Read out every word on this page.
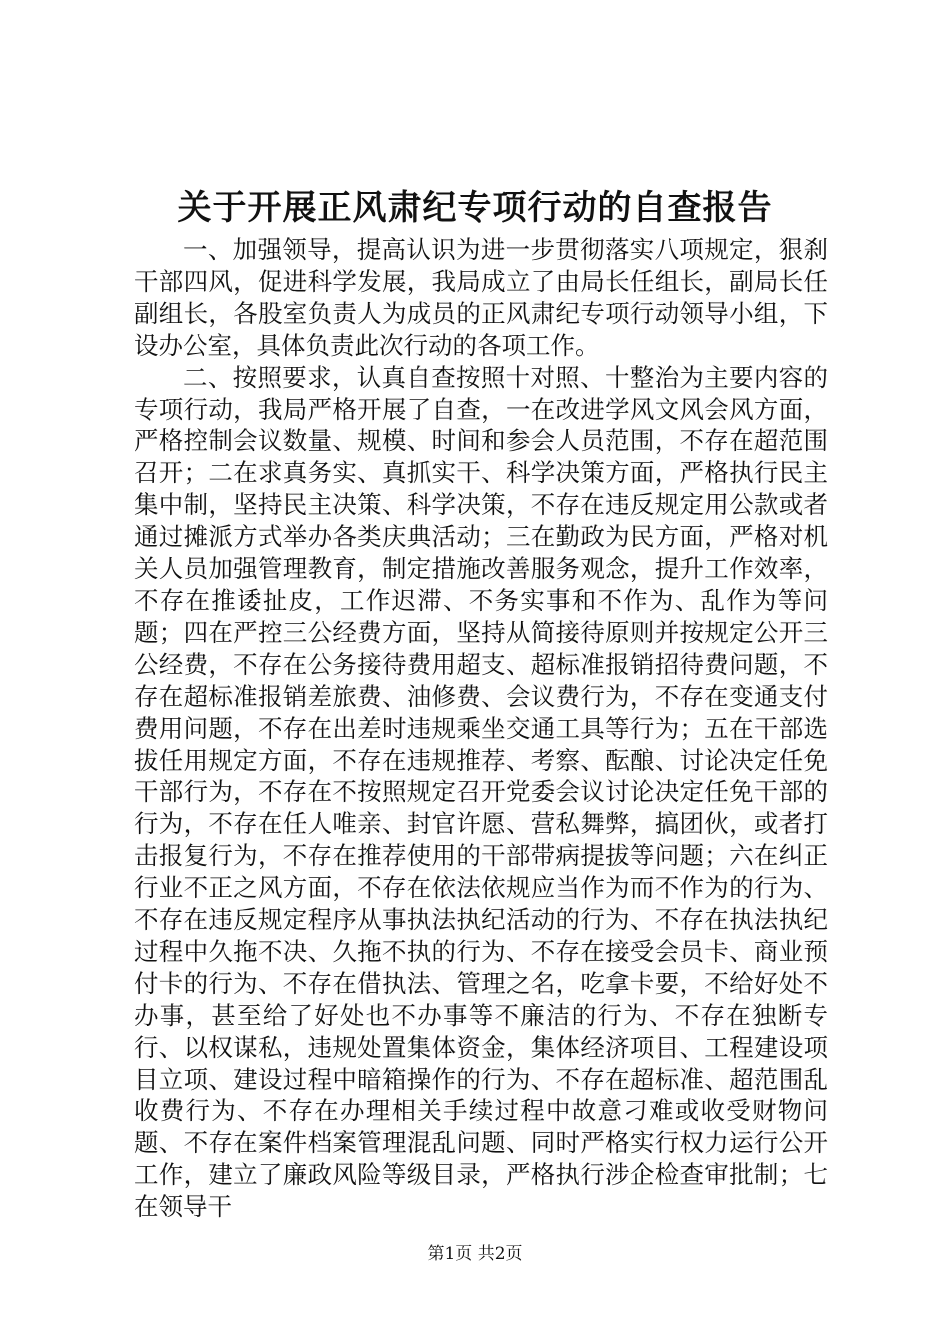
关于开展正风肃纪专项行动的自查报告

一、加强领导，提高认识为进一步贯彻落实八项规定，狠刹干部四风，促进科学发展，我局成立了由局长任组长，副局长任副组长，各股室负责人为成员的正风肃纪专项行动领导小组，下设办公室，具体负责此次行动的各项工作。

二、按照要求，认真自查按照十对照、十整治为主要内容的专项行动，我局严格开展了自查，一在改进学风文风会风方面，严格控制会议数量、规模、时间和参会人员范围，不存在超范围召开；二在求真务实、真抓实干、科学决策方面，严格执行民主集中制，坚持民主决策、科学决策，不存在违反规定用公款或者通过摊派方式举办各类庆典活动；三在勤政为民方面，严格对机关人员加强管理教育，制定措施改善服务观念，提升工作效率，不存在推诿扯皮，工作迟滞、不务实事和不作为、乱作为等问题；四在严控三公经费方面，坚持从简接待原则并按规定公开三公经费，不存在公务接待费用超支、超标准报销招待费问题，不存在超标准报销差旅费、油修费、会议费行为，不存在变通支付费用问题，不存在出差时违规乘坐交通工具等行为；五在干部选拔任用规定方面，不存在违规推荐、考察、酝酿、讨论决定任免干部行为，不存在不按照规定召开党委会议讨论决定任免干部的行为，不存在任人唯亲、封官许愿、营私舞弊，搞团伙，或者打击报复行为，不存在推荐使用的干部带病提拔等问题；六在纠正行业不正之风方面，不存在依法依规应当作为而不作为的行为、不存在违反规定程序从事执法执纪活动的行为、不存在执法执纪过程中久拖不决、久拖不执的行为、不存在接受会员卡、商业预付卡的行为、不存在借执法、管理之名，吃拿卡要，不给好处不办事，甚至给了好处也不办事等不廉洁的行为、不存在独断专行、以权谋私，违规处置集体资金，集体经济项目、工程建设项目立项、建设过程中暗箱操作的行为、不存在超标准、超范围乱收费行为、不存在办理相关手续过程中故意刁难或收受财物问题、不存在案件档案管理混乱问题、同时严格实行权力运行公开工作，建立了廉政风险等级目录，严格执行涉企检查审批制；七在领导干

第1页 共2页
